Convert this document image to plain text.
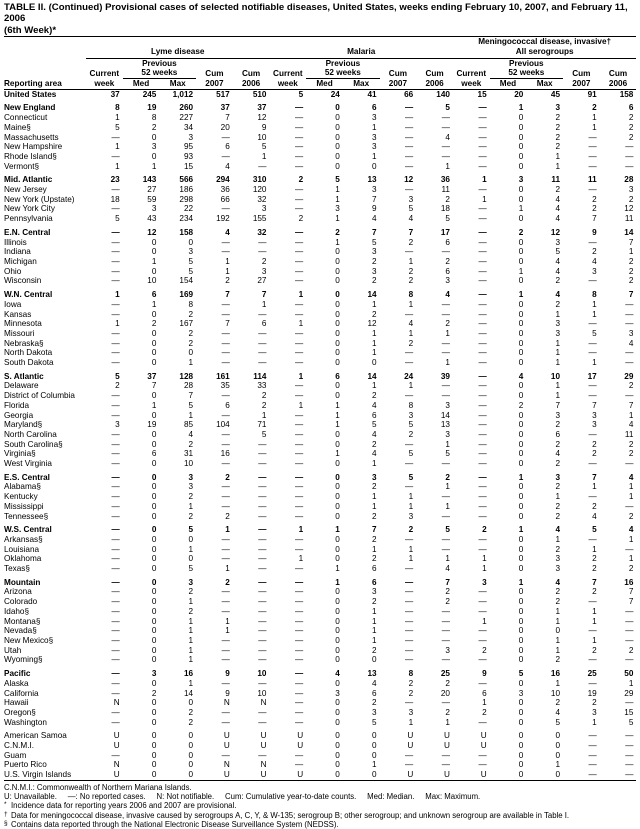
TABLE II. (Continued) Provisional cases of selected notifiable diseases, United States, weeks ending February 10, 2007, and February 11, 2006
(6th Week)*
	Lyme disease					Malaria					Meningococcal disease, invasive†
All serogroups				

		Previous					Previous					Previous			
	Current	52 weeks		Cum	Cum	Current	52 weeks		Cum	Cum	Current	52 weeks		Cum	Cum
Reporting area	week	Med	Max	2007	2006	week	Med	Max	2007	2006	week	Med	Max	2007	2006
United States	37	245	1,012	517	510	5	24	41	66	140	15	20	45	91	158

New England	8	19	260	37	37	—	0	6	—	5	—	1	3	2	6
Connecticut	1	8	227	7	12	—	0	3	—	—	—	0	2	1	2
Maine§	5	2	34	20	9	—	0	1	—	—	—	0	2	1	2
Massachusetts	—	0	3	—	10	—	0	3	—	4	—	0	2	—	2
New Hampshire	1	3	95	6	5	—	0	3	—	—	—	0	2	—	—
Rhode Island§	—	0	93	—	1	—	0	1	—	—	—	0	1	—	—
Vermont§	1	1	15	4	—	—	0	0	—	1	—	0	1	—	—

Mid. Atlantic	23	143	566	294	310	2	5	13	12	36	1	3	11	11	28
New Jersey	—	27	186	36	120	—	1	3	—	11	—	0	2	—	3
New York (Upstate)	18	59	298	66	32	—	1	7	3	2	1	0	4	2	2
New York City	—	3	22	—	3	—	3	9	5	18	—	1	4	2	12
Pennsylvania	5	43	234	192	155	2	1	4	4	5	—	0	4	7	11

E.N. Central	—	12	158	4	32	—	2	7	7	17	—	2	12	9	14
Illinois	—	0	0	—	—	—	1	5	2	6	—	0	3	—	7
Indiana	—	0	3	—	—	—	0	3	—	—	—	0	5	2	1
Michigan	—	1	5	1	2	—	0	2	1	2	—	0	4	4	2
Ohio	—	0	5	1	3	—	0	3	2	6	—	1	4	3	2
Wisconsin	—	10	154	2	27	—	0	2	2	3	—	0	2	—	2

W.N. Central	1	6	169	7	7	1	0	14	8	4	—	1	4	8	7
Iowa	—	1	8	—	1	—	0	1	1	—	—	0	2	1	—
Kansas	—	0	2	—	—	—	0	2	—	—	—	0	1	1	—
Minnesota	1	2	167	7	6	1	0	12	4	2	—	0	3	—	—
Missouri	—	0	2	—	—	—	0	1	1	1	—	0	3	5	3
Nebraska§	—	0	2	—	—	—	0	1	2	—	—	0	1	—	4
North Dakota	—	0	0	—	—	—	0	1	—	—	—	0	1	—	—
South Dakota	—	0	1	—	—	—	0	0	—	1	—	0	1	1	—

S. Atlantic	5	37	128	161	114	1	6	14	24	39	—	4	10	17	29
Delaware	2	7	28	35	33	—	0	1	1	—	—	0	1	—	2
District of Columbia	—	0	7	—	2	—	0	2	—	—	—	0	1	—	—
Florida	—	1	5	6	2	1	1	4	8	3	—	2	7	7	7
Georgia	—	0	1	—	1	—	1	6	3	14	—	0	3	3	1
Maryland§	3	19	85	104	71	—	1	5	5	13	—	0	2	3	4
North Carolina	—	0	4	—	5	—	0	4	2	3	—	0	6	—	11
South Carolina§	—	0	2	—	—	—	0	2	—	1	—	0	2	2	2
Virginia§	—	6	31	16	—	—	1	4	5	5	—	0	4	2	2
West Virginia	—	0	10	—	—	—	0	1	—	—	—	0	2	—	—

E.S. Central	—	0	3	2	—	—	0	3	5	2	—	1	3	7	4
Alabama§	—	0	3	—	—	—	0	2	—	1	—	0	2	1	1
Kentucky	—	0	2	—	—	—	0	1	1	—	—	0	1	—	1
Mississippi	—	0	1	—	—	—	0	1	1	1	—	0	2	2	—
Tennessee§	—	0	2	2	—	—	0	2	3	—	—	0	2	4	2

W.S. Central	—	0	5	1	—	1	1	7	2	5	2	1	4	5	4
Arkansas§	—	0	0	—	—	—	0	2	—	—	—	0	1	—	1
Louisiana	—	0	1	—	—	—	0	1	1	—	—	0	2	1	—
Oklahoma	—	0	0	—	—	1	0	2	1	1	1	0	3	2	1
Texas§	—	0	5	1	—	—	1	6	—	4	1	0	3	2	2

Mountain	—	0	3	2	—	—	1	6	—	7	3	1	4	7	16
Arizona	—	0	2	—	—	—	0	3	—	2	—	0	2	2	7
Colorado	—	0	1	—	—	—	0	2	—	2	—	0	2	—	7
Idaho§	—	0	2	—	—	—	0	1	—	—	—	0	1	1	—
Montana§	—	0	1	1	—	—	0	1	—	—	1	0	1	1	—
Nevada§	—	0	1	1	—	—	0	1	—	—	—	0	0	—	—
New Mexico§	—	0	1	—	—	—	0	1	—	—	—	0	1	1	—
Utah	—	0	1	—	—	—	0	2	—	3	2	0	1	2	2
Wyoming§	—	0	1	—	—	—	0	0	—	—	—	0	2	—	—

Pacific	—	3	16	9	10	—	4	13	8	25	9	5	16	25	50
Alaska	—	0	1	—	—	—	0	4	2	2	—	0	1	—	1
California	—	2	14	9	10	—	3	6	2	20	6	3	10	19	29
Hawaii	N	0	0	N	N	—	0	2	—	—	1	0	2	2	—
Oregon§	—	0	2	—	—	—	0	3	3	2	2	0	4	3	15
Washington	—	0	2	—	—	—	0	5	1	1	—	0	5	1	5

American Samoa	U	0	0	U	U	U	0	0	U	U	U	0	0	—	—
C.N.M.I.	U	0	0	U	U	U	0	0	U	U	U	0	0	—	—
Guam	—	0	0	—	—	—	0	0	—	—	—	0	0	—	—
Puerto Rico	N	0	0	N	N	—	0	1	—	—	—	0	1	—	—
U.S. Virgin Islands	U	0	0	U	U	U	0	0	U	U	U	0	0	—	—
C.N.M.I.: Commonwealth of Northern Mariana Islands.
U: Unavailable.     —: No reported cases.     N: Not notifiable.     Cum: Cumulative year-to-date counts.     Med: Median.     Max: Maximum.
* Incidence data for reporting years 2006 and 2007 are provisional.
† Data for meningococcal disease, invasive caused by serogroups A, C, Y, & W-135; serogroup B; other serogroup; and unknown serogroup are available in Table I.
§ Contains data reported through the National Electronic Disease Surveillance System (NEDSS).
